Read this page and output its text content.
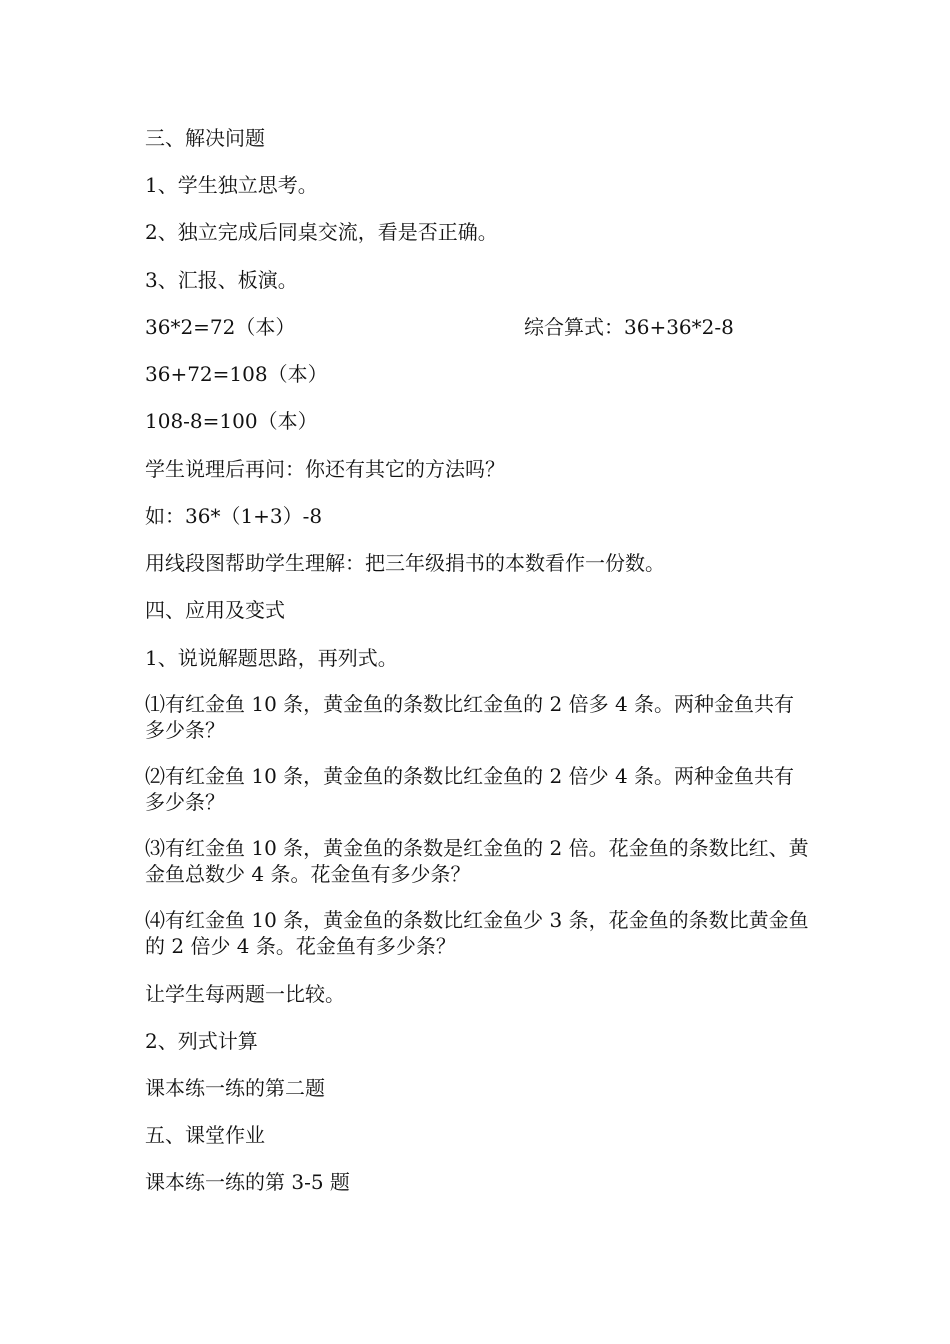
三、解决问题
1、学生独立思考。
2、独立完成后同桌交流，看是否正确。
3、汇报、板演。
36*2=72（本）	综合算式：36+36*2-8
36+72=108（本）
108-8=100（本）
学生说理后再问：你还有其它的方法吗？
如：36*（1+3）-8
用线段图帮助学生理解：把三年级捐书的本数看作一份数。
四、应用及变式
1、说说解题思路，再列式。
⑴有红金鱼 10 条，黄金鱼的条数比红金鱼的 2 倍多 4 条。两种金鱼共有多少条？
⑵有红金鱼 10 条，黄金鱼的条数比红金鱼的 2 倍少 4 条。两种金鱼共有多少条？
⑶有红金鱼 10 条，黄金鱼的条数是红金鱼的 2 倍。花金鱼的条数比红、黄金鱼总数少 4 条。花金鱼有多少条？
⑷有红金鱼 10 条，黄金鱼的条数比红金鱼少 3 条，花金鱼的条数比黄金鱼的 2 倍少 4 条。花金鱼有多少条？
让学生每两题一比较。
2、列式计算
课本练一练的第二题
五、课堂作业
课本练一练的第 3-5 题
